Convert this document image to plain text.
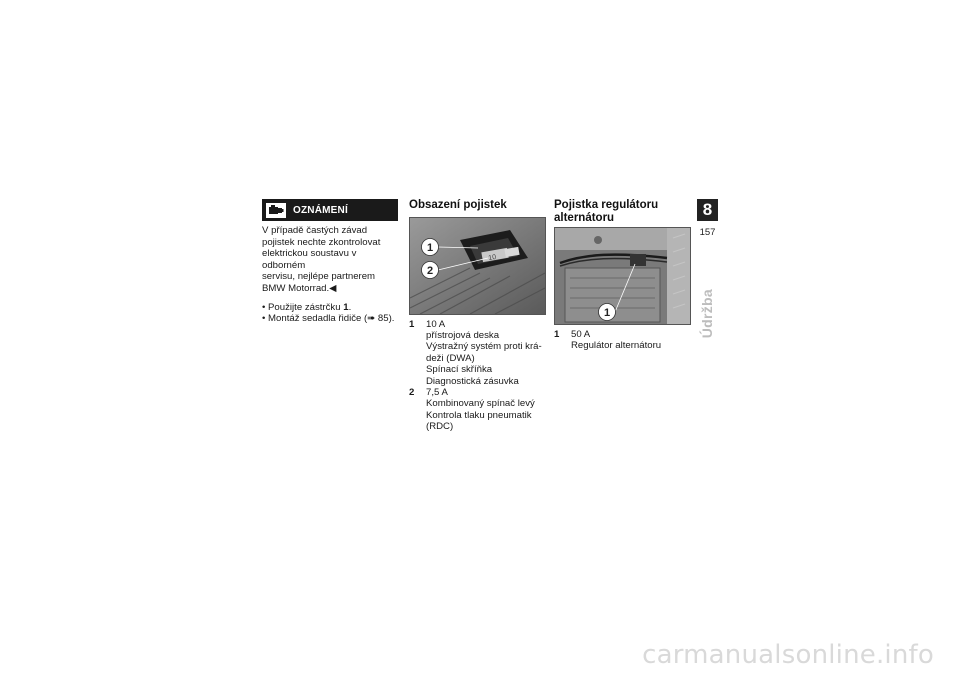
OZNÁMENÍ
V případě častých závad
pojistek nechte zkontrolovat
elektrickou soustavu v odborném
servisu, nejlépe partnerem
BMW Motorrad.◀
• Použijte zástrčku 1.
• Montáž sedadla řidiče (➠ 85).
Obsazení pojistek
10
1
2
1	10 A
přístrojová deska
Výstražný systém proti krá-
deži (DWA)
Spínací skříňka
Diagnostická zásuvka
2	7,5 A
Kombinovaný spínač levý
Kontrola tlaku pneumatik
(RDC)
Pojistka regulátoru
alternátoru
1
1	50 A
Regulátor alternátoru
8
157
Údržba
carmanualsonline.info
